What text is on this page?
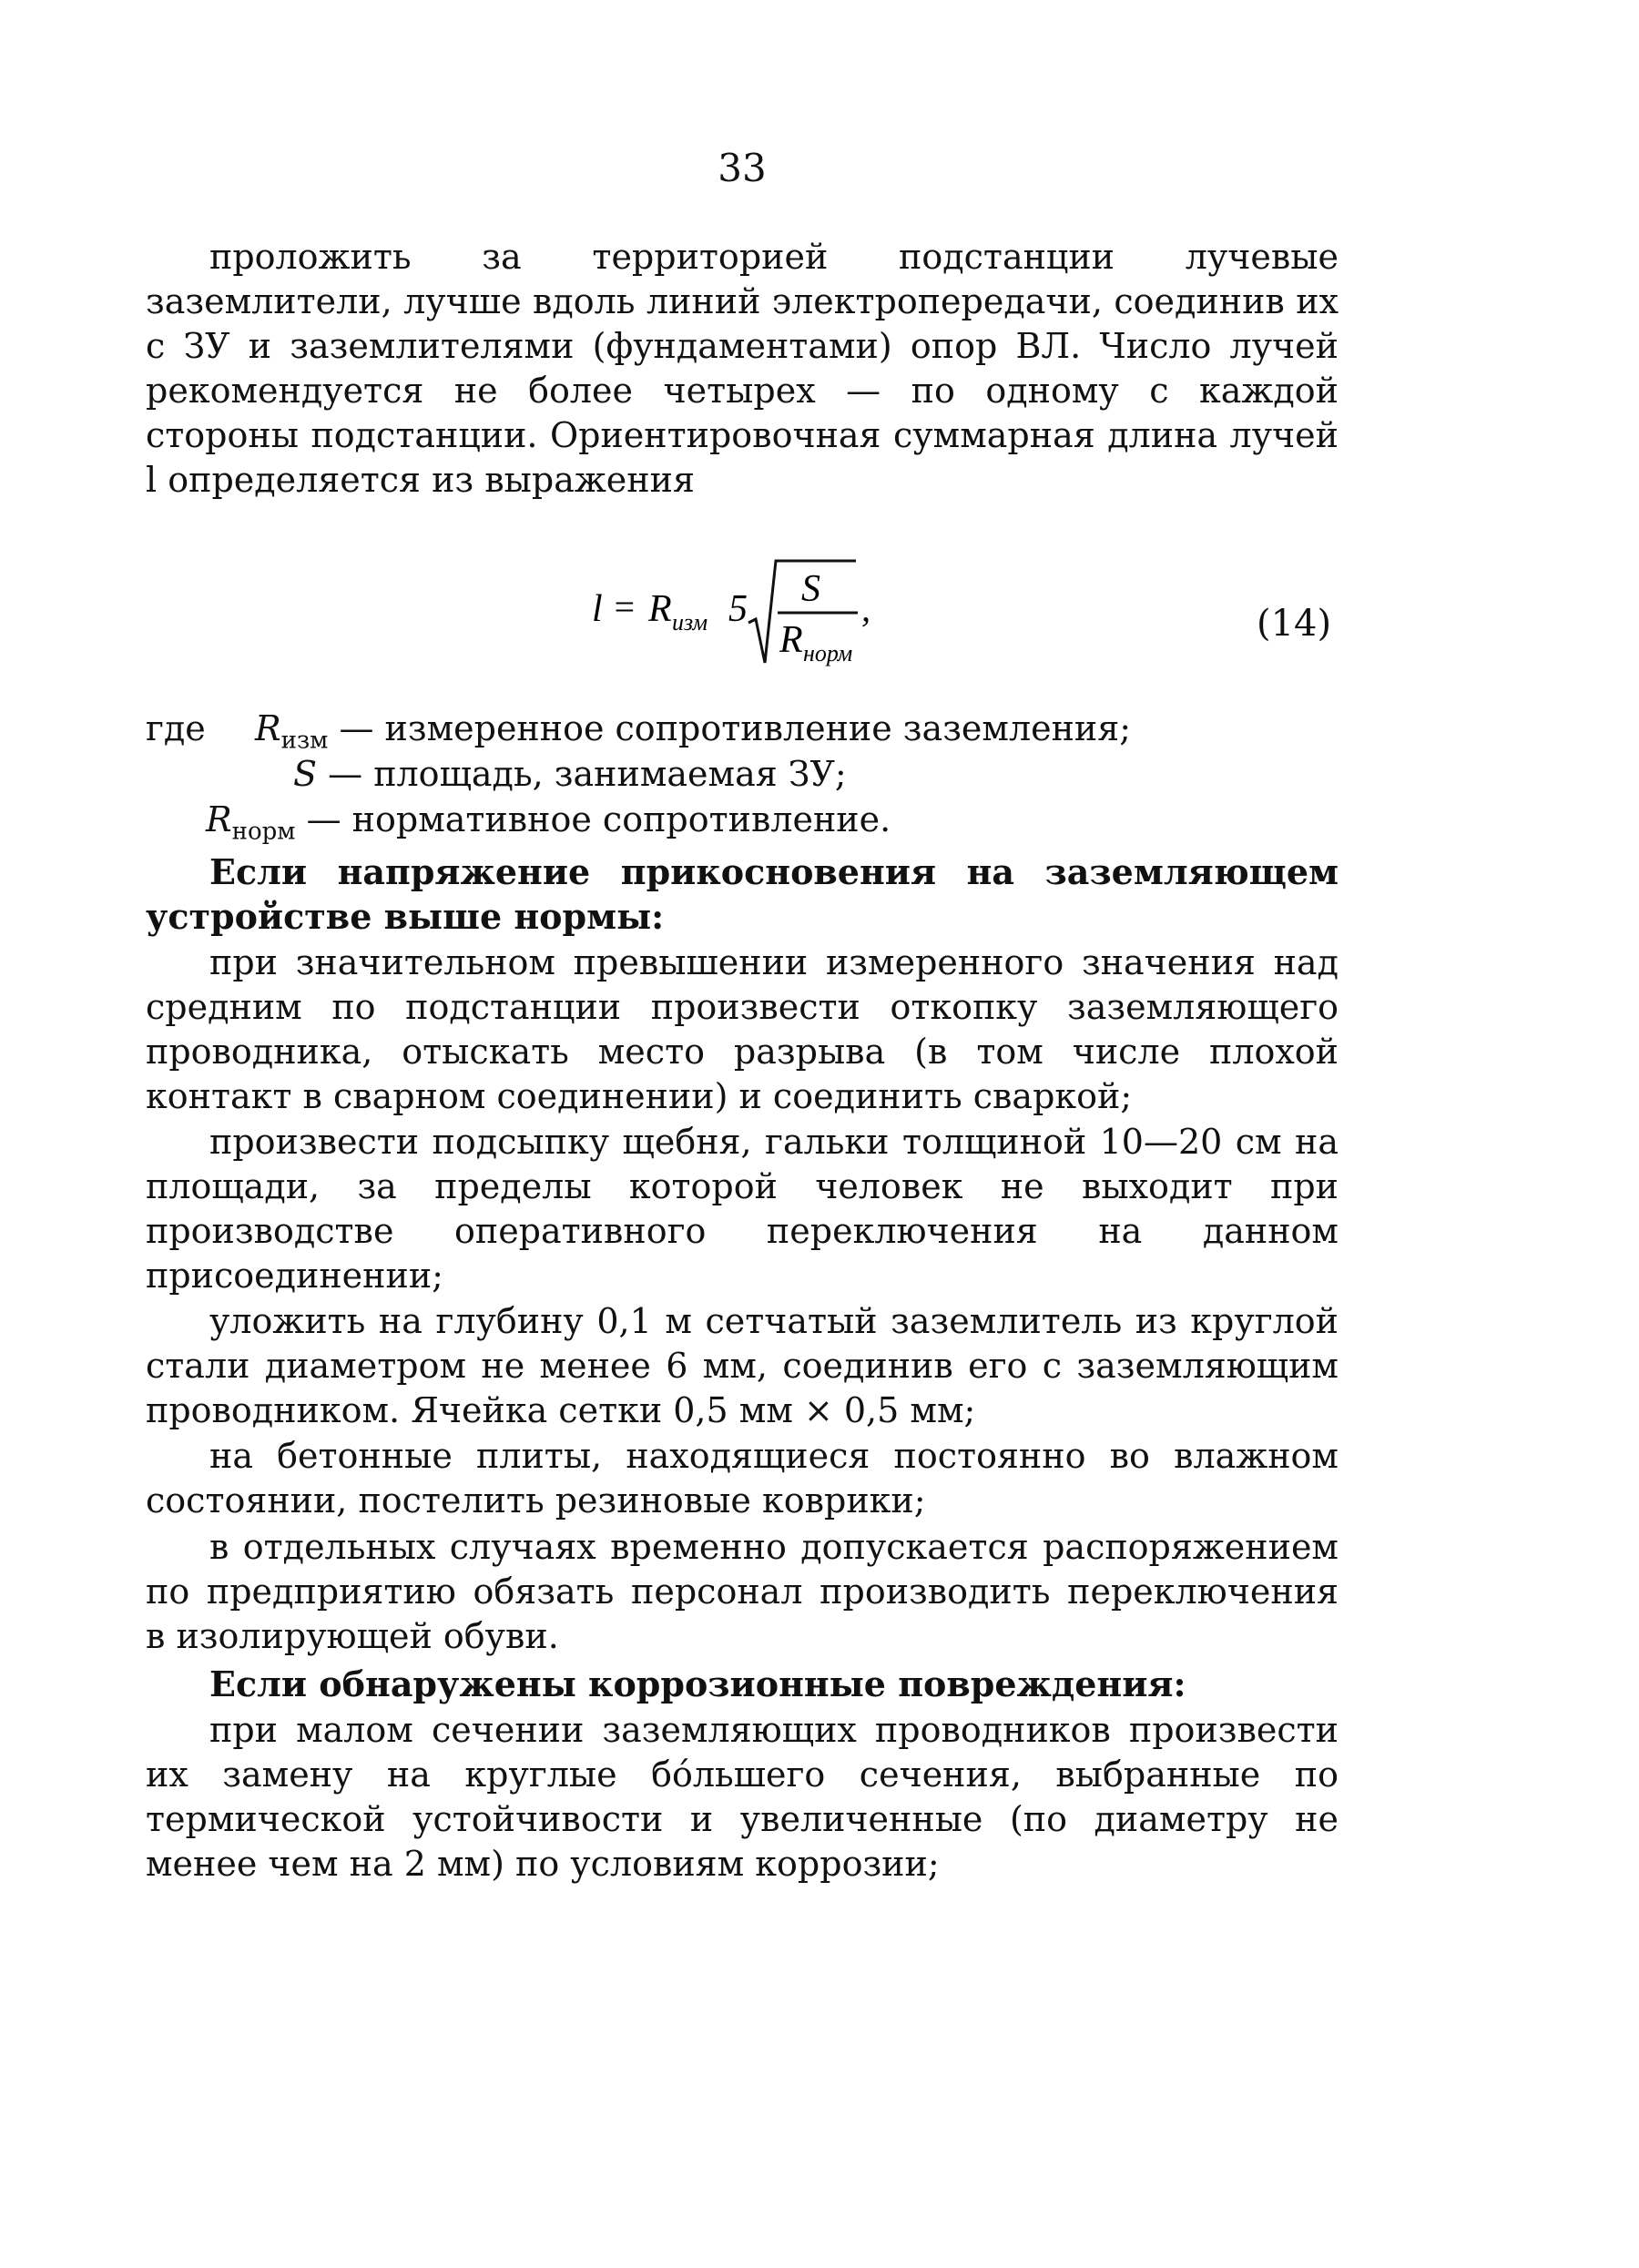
33

проложить за территорией подстанции лучевые заземлители, лучше вдоль линий электропередачи, соединив их с ЗУ и заземлителями (фундаментами) опор ВЛ. Число лучей рекомендуется не более четырех — по одному с каждой стороны подстанции. Ориентировочная суммарная длина лучей l определяется из выражения

l = R изм 5 S
R норм
,	(14)
где $R_{изм}$ — измеренное сопротивление заземления;
S — площадь, занимаемая ЗУ;
$R_{норм}$ — нормативное сопротивление.

Если напряжение прикосновения на заземляющем устройстве выше нормы:

при значительном превышении измеренного значения над средним по подстанции произвести откопку заземляющего проводника, отыскать место разрыва (в том числе плохой контакт в сварном соединении) и соединить сваркой;

произвести подсыпку щебня, гальки толщиной 10—20 см на площади, за пределы которой человек не выходит при производстве оперативного переключения на данном присоединении;

уложить на глубину 0,1 м сетчатый заземлитель из круглой стали диаметром не менее 6 мм, соединив его с заземляющим проводником. Ячейка сетки 0,5 мм × 0,5 мм;

на бетонные плиты, находящиеся постоянно во влажном состоянии, постелить резиновые коврики;

в отдельных случаях временно допускается распоряжением по предприятию обязать персонал производить переключения в изолирующей обуви.

Если обнаружены коррозионные повреждения:

при малом сечении заземляющих проводников произвести их замену на круглые бóльшего сечения, выбранные по термической устойчивости и увеличенные (по диаметру не менее чем на 2 мм) по условиям коррозии;
